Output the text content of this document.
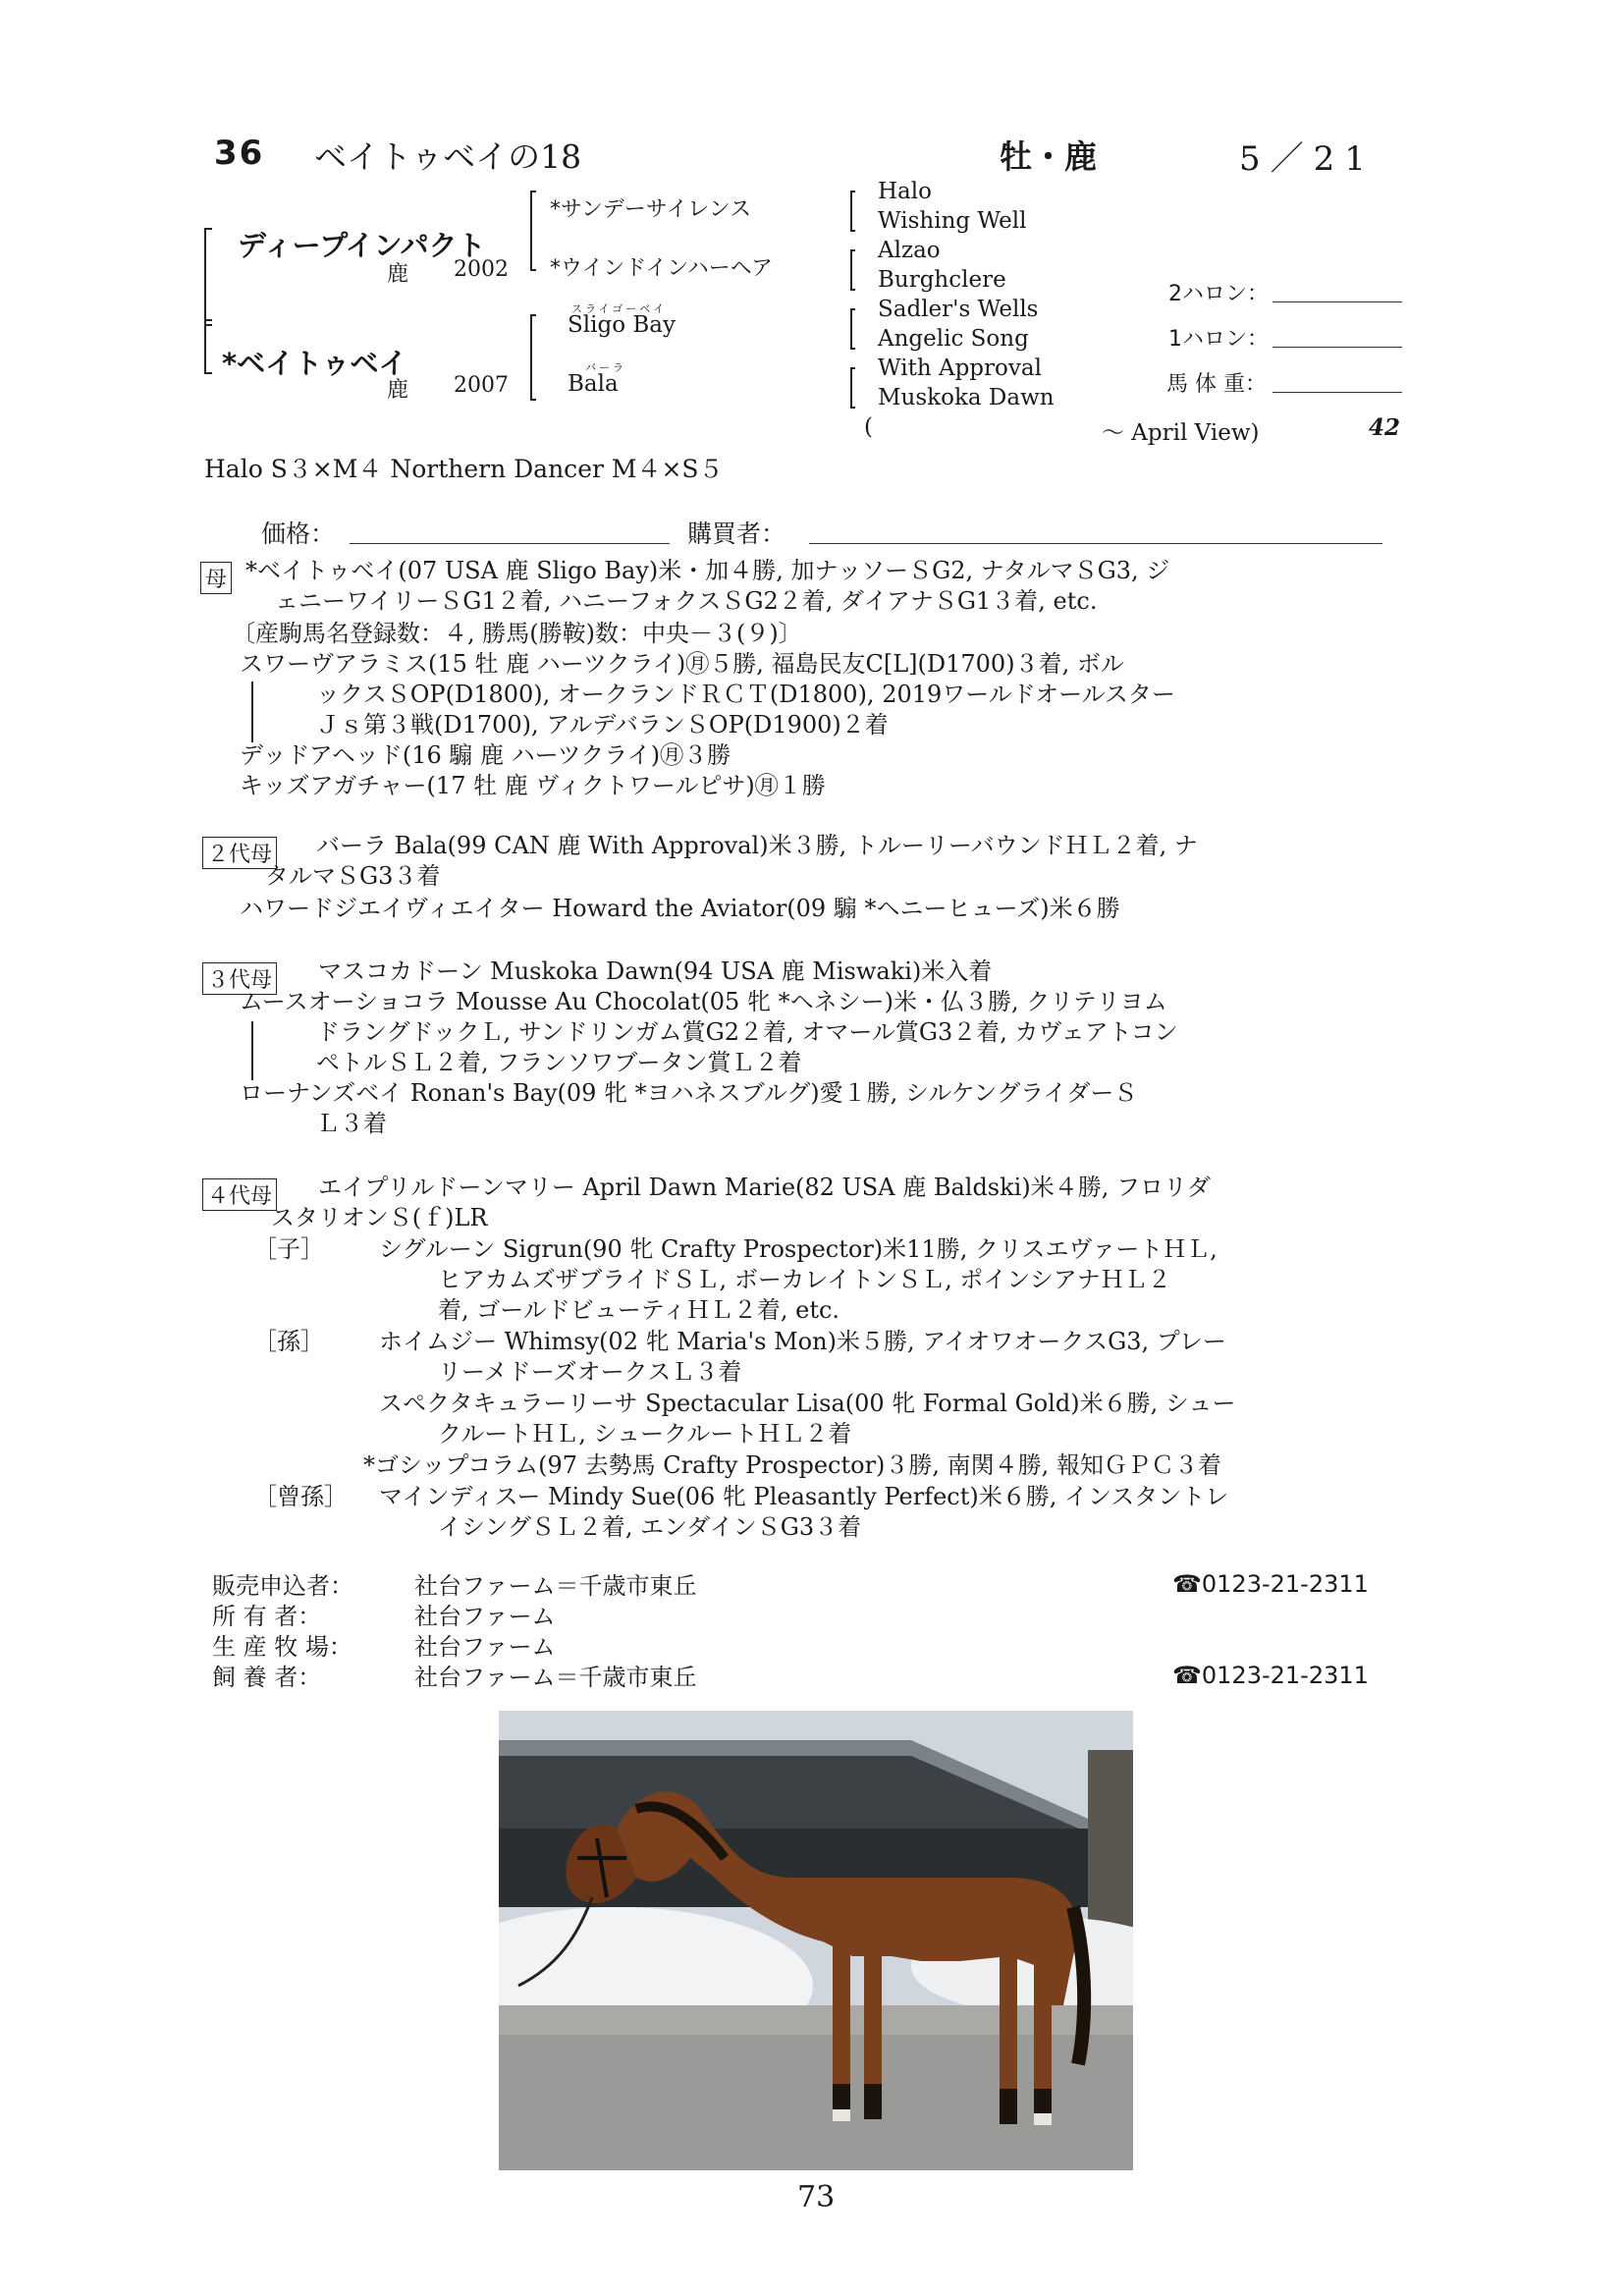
36 ベイトゥベイの18	牡・鹿	5／21
ディープインパクト
鹿 2002
*ベイトゥベイ
鹿 2007
*サンデーサイレンス
*ウインドインハーヘア
スライゴーベイ
Sligo Bay
バーラ
Bala
Halo
Wishing Well
Alzao
Burghclere
Sadler's Wells
Angelic Song
With Approval
Muskoka Dawn
(	～ April View)	42
2ハロン：
1ハロン：
馬 体 重：
Halo S３×M４ Northern Dancer M４×S５
価格：	購買者：
母 *ベイトゥベイ(07 USA 鹿 Sligo Bay)米・加４勝, 加ナッソーＳG2, ナタルマＳG3, ジ
ェニーワイリーＳG1２着, ハニーフォクスＳG2２着, ダイアナＳG1３着, etc.
〔産駒馬名登録数：４, 勝馬(勝鞍)数：中央－３(９)〕
スワーヴアラミス(15 牡 鹿 ハーツクライ)㊊５勝, 福島民友C[L](D1700)３着, ボル
ックスＳOP(D1800), オークランドＲＣＴ(D1800), 2019ワールドオールスター
Ｊｓ第３戦(D1700), アルデバランＳOP(D1900)２着
デッドアヘッド(16 騸 鹿 ハーツクライ)㊊３勝
キッズアガチャー(17 牡 鹿 ヴィクトワールピサ)㊊１勝
２代母 バーラ Bala(99 CAN 鹿 With Approval)米３勝, トルーリーバウンドＨＬ２着, ナ
タルマＳG3３着
ハワードジエイヴィエイター Howard the Aviator(09 騸 *ヘニーヒューズ)米６勝
３代母 マスコカドーン Muskoka Dawn(94 USA 鹿 Miswaki)米入着
ムースオーショコラ Mousse Au Chocolat(05 牝 *ヘネシー)米・仏３勝, クリテリヨム
ドラングドックＬ, サンドリンガム賞G2２着, オマール賞G3２着, カヴェアトコン
ペトルＳＬ２着, フランソワブータン賞Ｌ２着
ローナンズベイ Ronan's Bay(09 牝 *ヨハネスブルグ)愛１勝, シルケングライダーＳ
Ｌ３着
４代母 エイプリルドーンマリー April Dawn Marie(82 USA 鹿 Baldski)米４勝, フロリダ
スタリオンＳ(ｆ)LR
［子］ シグルーン Sigrun(90 牝 Crafty Prospector)米11勝, クリスエヴァートＨＬ,
ヒアカムズザブライドＳＬ, ボーカレイトンＳＬ, ポインシアナＨＬ２
着, ゴールドビューティＨＬ２着, etc.
［孫］ ホイムジー Whimsy(02 牝 Maria's Mon)米５勝, アイオワオークスG3, プレー
リーメドーズオークスＬ３着
スペクタキュラーリーサ Spectacular Lisa(00 牝 Formal Gold)米６勝, シュー
クルートＨＬ, シュークルートＨＬ２着
*ゴシップコラム(97 去勢馬 Crafty Prospector)３勝, 南関４勝, 報知ＧＰＣ３着
［曾孫］ マインディスー Mindy Sue(06 牝 Pleasantly Perfect)米６勝, インスタントレ
イシングＳＬ２着, エンダインＳG3３着
販売申込者：	社台ファーム＝千歳市東丘	☎0123-21-2311
所 有 者：	社台ファーム
生 産 牧 場：	社台ファーム
飼 養 者：	社台ファーム＝千歳市東丘	☎0123-21-2311
73
